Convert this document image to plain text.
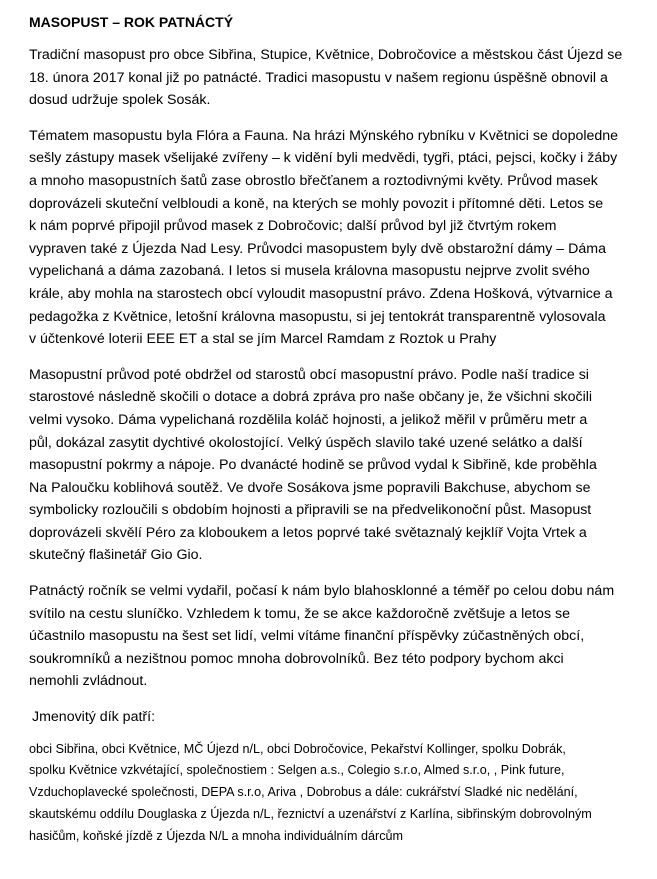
MASOPUST – ROK PATNÁCTÝ
Tradiční masopust pro obce Sibřina, Stupice, Květnice, Dobročovice a městskou část Újezd se
18. února 2017 konal již po patnácté. Tradici masopustu v našem regionu úspěšně obnovil a
dosud udržuje spolek Sosák.
Tématem masopustu byla Flóra a Fauna. Na hrázi Mýnského rybníku v Květnici se dopoledne
sešly zástupy masek všelijaké zvířeny – k vidění byli medvědi, tygři, ptáci, pejsci, kočky i žáby
a mnoho masopustních šatů zase obrostlo břečťanem a roztodivnými květy. Průvod masek
doprovázeli skuteční velbloudi a koně, na kterých se mohly povozit i přítomné děti. Letos se
k nám poprvé připojil průvod masek z Dobročovic; další průvod byl již čtvrtým rokem
vypraven také z Újezda Nad Lesy. Průvodci masopustem byly dvě obstarožní dámy – Dáma
vypelichaná a dáma zazobaná. I letos si musela královna masopustu nejprve zvolit svého
krále, aby mohla na starostech obcí vyloudit masopustní právo. Zdena Hošková, výtvarnice a
pedagožka z Květnice, letošní královna masopustu, si jej tentokrát transparentně vylosovala
v účtenkové loterii EEE ET a stal se jím Marcel Ramdam z Roztok u Prahy
Masopustní průvod poté obdržel od starostů obcí masopustní právo. Podle naší tradice si
starostové následně skočili o dotace a dobrá zpráva pro naše občany je, že všichni skočili
velmi vysoko. Dáma vypelichaná rozdělila koláč hojnosti, a jelikož měřil v průměru metr a
půl, dokázal zasytit dychtivé okolostojící. Velký úspěch slavilo také uzené selátko a další
masopustní pokrmy a nápoje. Po dvanácté hodině se průvod vydal k Sibřině, kde proběhla
Na Paloučku koblihová soutěž. Ve dvoře Sosákova jsme popravili Bakchuse, abychom se
symbolicky rozloučili s obdobím hojnosti a připravili se na předvelikonoční půst. Masopust
doprovázeli skvělí Péro za kloboukem a letos poprvé také světaznalý kejklíř Vojta Vrtek a
skutečný flašinetář Gio Gio.
Patnáctý ročník se velmi vydařil, počasí k nám bylo blahosklonné a téměř po celou dobu nám
svítilo na cestu sluníčko. Vzhledem k tomu, že se akce každoročně zvětšuje a letos se
účastnilo masopustu na šest set lidí, velmi vítáme finanční příspěvky zúčastněných obcí,
soukromníků a nezištnou pomoc mnoha dobrovolníků. Bez této podpory bychom akci
nemohli zvládnout.
Jmenovitý dík patří:
obci Sibřina, obci Květnice, MČ Újezd n/L, obci Dobročovice, Pekařství Kollinger, spolku Dobrák,
spolku Květnice vzkvétající, společnostiem : Selgen a.s., Colegio s.r.o, Almed s.r.o, , Pink future,
Vzduchoplavecké společnosti, DEPA s.r.o, Ariva , Dobrobus a dále: cukrářství Sladké nic nedělání,
skautskému oddílu Douglaska z Újezda n/L, řeznictví a uzenářství z Karlína, sibřinským dobrovolným
hasičům, koňské jízdě z Újezda N/L a mnoha individuálním dárcům
